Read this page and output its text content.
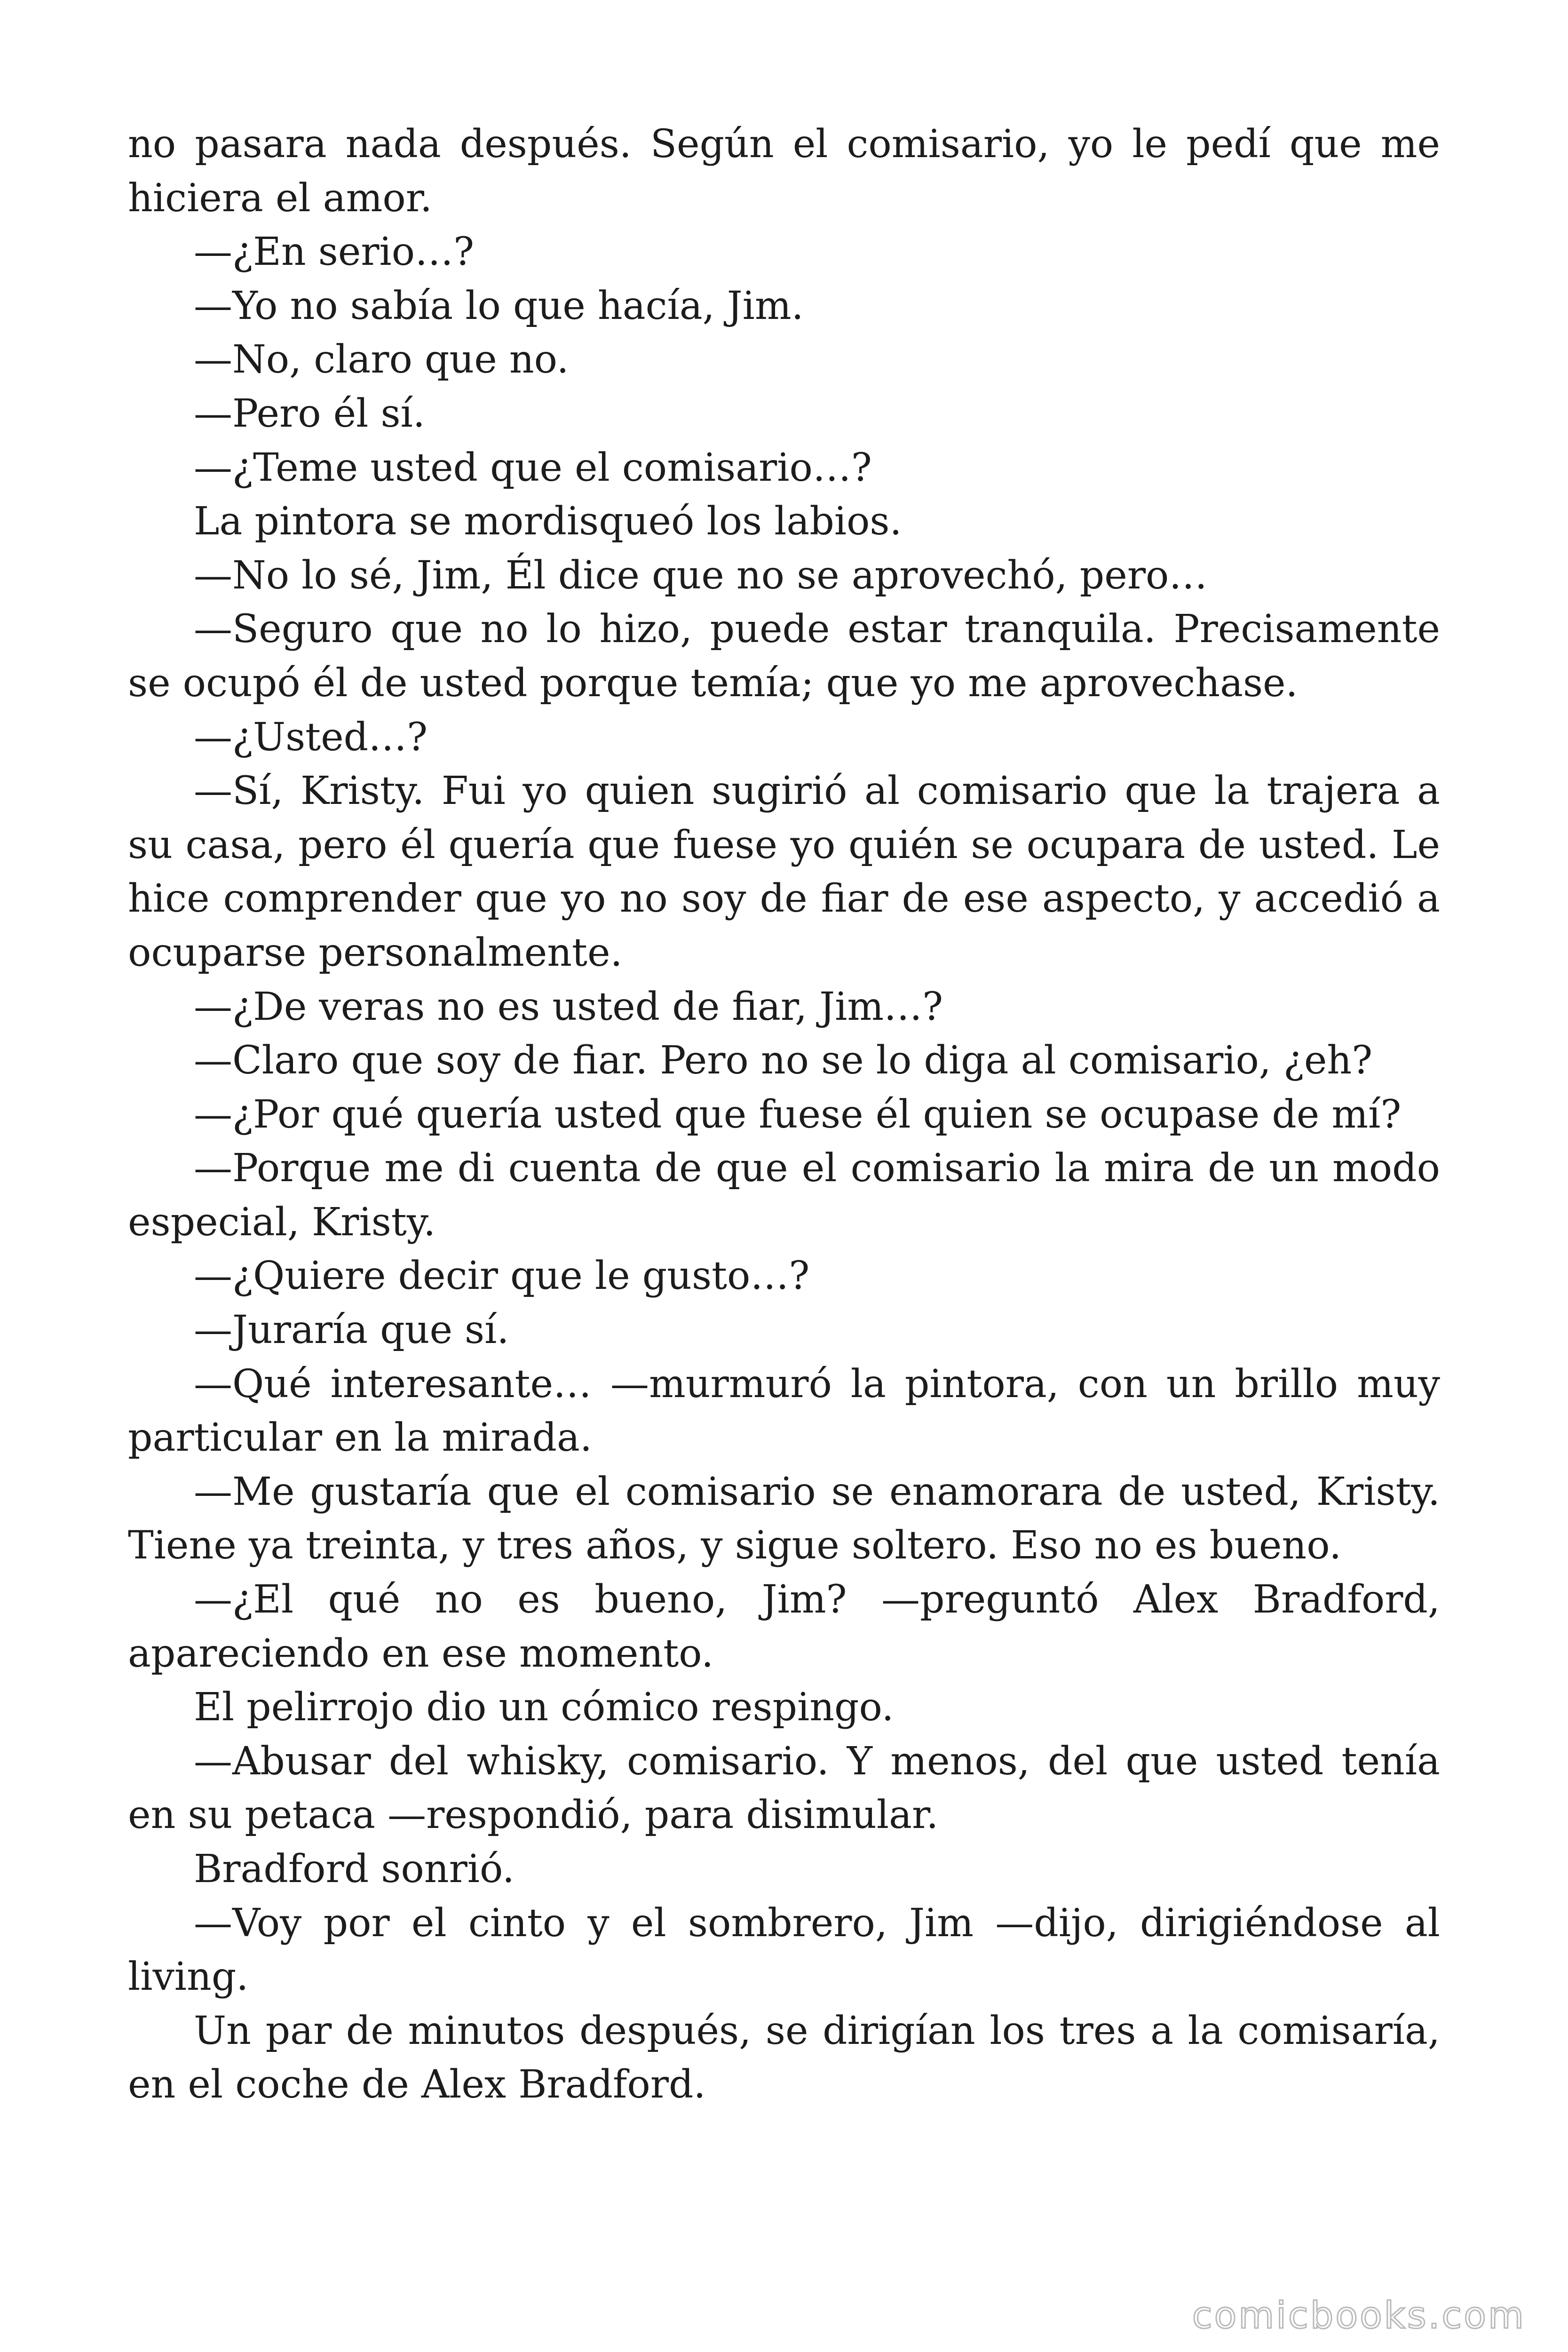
no pasara nada después. Según el comisario, yo le pedí que me hiciera el amor.

—¿En serio…?

—Yo no sabía lo que hacía, Jim.

—No, claro que no.

—Pero él sí.

—¿Teme usted que el comisario…?

La pintora se mordisqueó los labios.

—No lo sé, Jim, Él dice que no se aprovechó, pero…

—Seguro que no lo hizo, puede estar tranquila. Precisamente se ocupó él de usted porque temía; que yo me aprovechase.

—¿Usted…?

—Sí, Kristy. Fui yo quien sugirió al comisario que la trajera a su casa, pero él quería que fuese yo quién se ocupara de usted. Le hice comprender que yo no soy de fiar de ese aspecto, y accedió a ocuparse personalmente.

—¿De veras no es usted de fiar, Jim…?

—Claro que soy de fiar. Pero no se lo diga al comisario, ¿eh?

—¿Por qué quería usted que fuese él quien se ocupase de mí?

—Porque me di cuenta de que el comisario la mira de un modo especial, Kristy.

—¿Quiere decir que le gusto…?

—Juraría que sí.

—Qué interesante… —murmuró la pintora, con un brillo muy particular en la mirada.

—Me gustaría que el comisario se enamorara de usted, Kristy. Tiene ya treinta, y tres años, y sigue soltero. Eso no es bueno.

—¿El qué no es bueno, Jim? —preguntó Alex Bradford, apareciendo en ese momento.

El pelirrojo dio un cómico respingo.

—Abusar del whisky, comisario. Y menos, del que usted tenía en su petaca —respondió, para disimular.

Bradford sonrió.

—Voy por el cinto y el sombrero, Jim —dijo, dirigiéndose al living.

Un par de minutos después, se dirigían los tres a la comisaría, en el coche de Alex Bradford.

comicbooks.com
